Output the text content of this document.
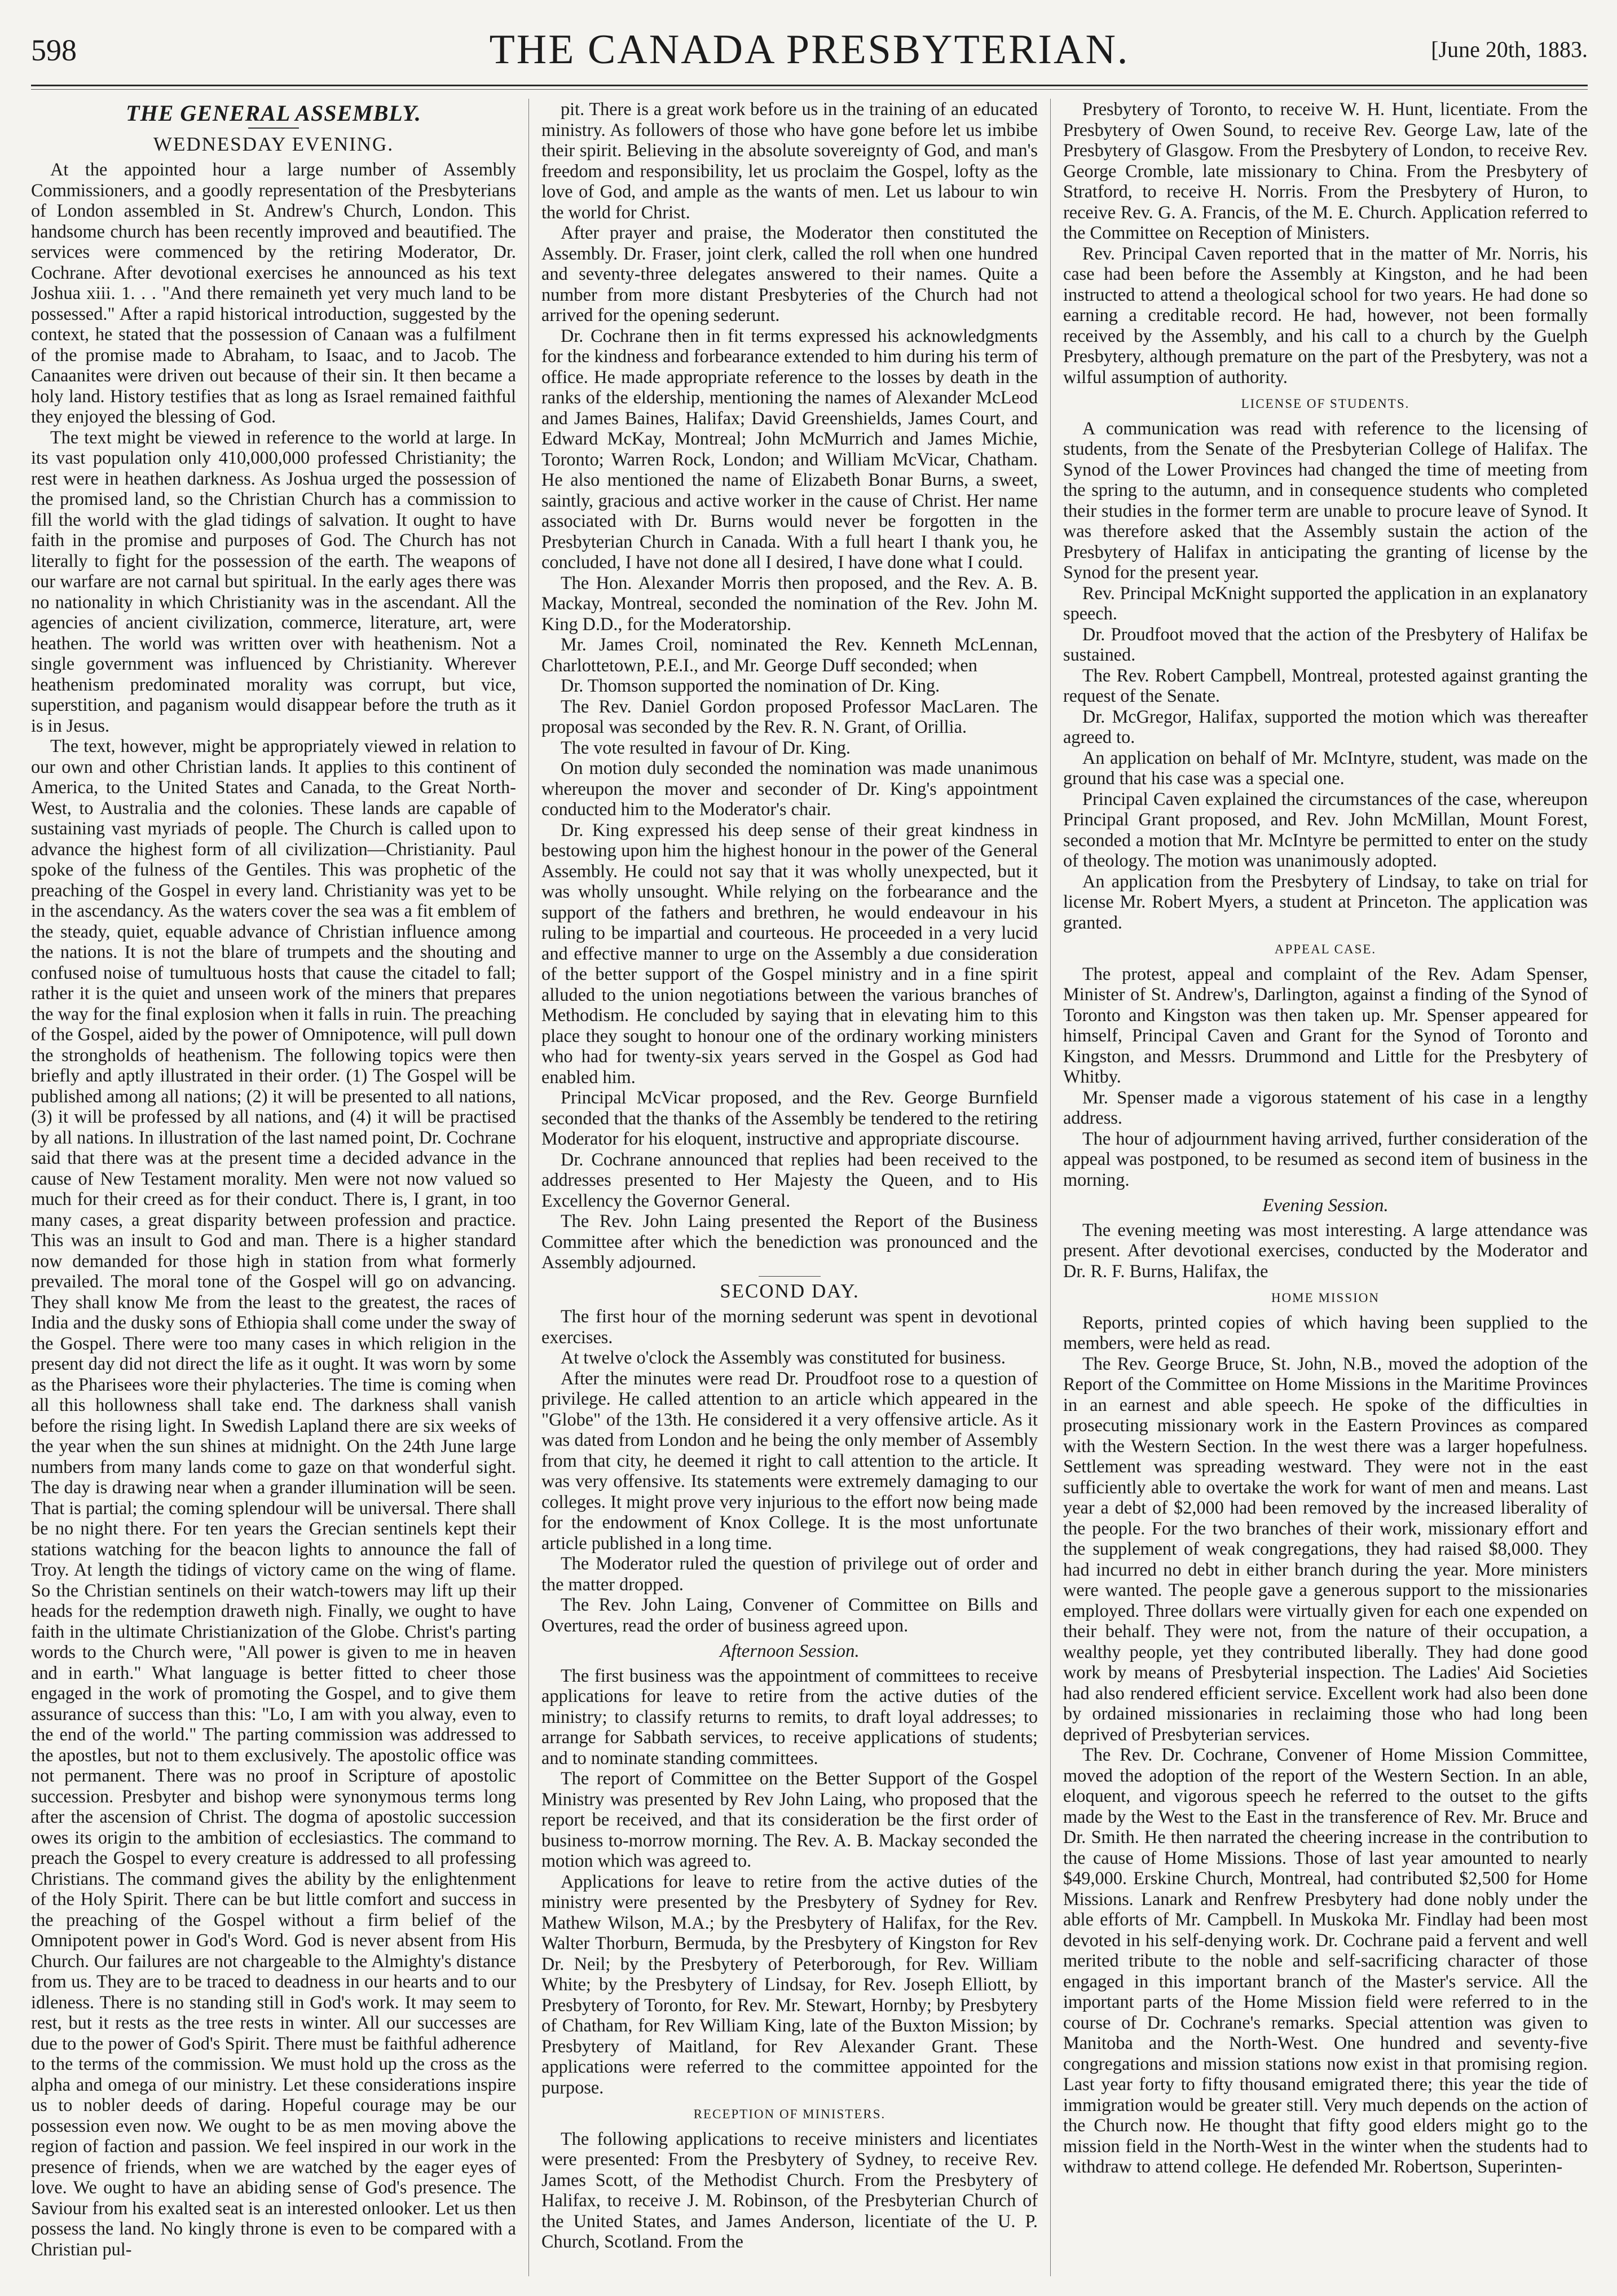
598	THE CANADA PRESBYTERIAN.	[June 20th, 1883.
THE GENERAL ASSEMBLY.
WEDNESDAY EVENING.

At the appointed hour a large number of Assembly Commissioners, and a goodly representation of the Presbyterians of London assembled in St. Andrew's Church, London. This handsome church has been recently improved and beautified. The services were commenced by the retiring Moderator, Dr. Cochrane. After devotional exercises he announced as his text Joshua xiii. 1. . . "And there remaineth yet very much land to be possessed." After a rapid historical introduction, suggested by the context, he stated that the possession of Canaan was a fulfilment of the promise made to Abraham, to Isaac, and to Jacob. The Canaanites were driven out because of their sin. It then became a holy land. History testifies that as long as Israel remained faithful they enjoyed the blessing of God.

The text might be viewed in reference to the world at large. In its vast population only 410,000,000 professed Christianity; the rest were in heathen darkness. As Joshua urged the possession of the promised land, so the Christian Church has a commission to fill the world with the glad tidings of salvation. It ought to have faith in the promise and purposes of God. The Church has not literally to fight for the possession of the earth. The weapons of our warfare are not carnal but spiritual. In the early ages there was no nationality in which Christianity was in the ascendant. All the agencies of ancient civilization, commerce, literature, art, were heathen. The world was written over with heathenism. Not a single government was influenced by Christianity. Wherever heathenism predominated morality was corrupt, but vice, superstition, and paganism would disappear before the truth as it is in Jesus.

The text, however, might be appropriately viewed in relation to our own and other Christian lands. It applies to this continent of America, to the United States and Canada, to the Great North-West, to Australia and the colonies. These lands are capable of sustaining vast myriads of people. The Church is called upon to advance the highest form of all civilization—Christianity. Paul spoke of the fulness of the Gentiles. This was prophetic of the preaching of the Gospel in every land. Christianity was yet to be in the ascendancy. As the waters cover the sea was a fit emblem of the steady, quiet, equable advance of Christian influence among the nations. It is not the blare of trumpets and the shouting and confused noise of tumultuous hosts that cause the citadel to fall; rather it is the quiet and unseen work of the miners that prepares the way for the final explosion when it falls in ruin. The preaching of the Gospel, aided by the power of Omnipotence, will pull down the strongholds of heathenism. The following topics were then briefly and aptly illustrated in their order. (1) The Gospel will be published among all nations; (2) it will be presented to all nations, (3) it will be professed by all nations, and (4) it will be practised by all nations. In illustration of the last named point, Dr. Cochrane said that there was at the present time a decided advance in the cause of New Testament morality. Men were not now valued so much for their creed as for their conduct. There is, I grant, in too many cases, a great disparity between profession and practice. This was an insult to God and man. There is a higher standard now demanded for those high in station from what formerly prevailed. The moral tone of the Gospel will go on advancing. They shall know Me from the least to the greatest, the races of India and the dusky sons of Ethiopia shall come under the sway of the Gospel. There were too many cases in which religion in the present day did not direct the life as it ought. It was worn by some as the Pharisees wore their phylacteries. The time is coming when all this hollowness shall take end. The darkness shall vanish before the rising light. In Swedish Lapland there are six weeks of the year when the sun shines at midnight. On the 24th June large numbers from many lands come to gaze on that wonderful sight. The day is drawing near when a grander illumination will be seen. That is partial; the coming splendour will be universal. There shall be no night there. For ten years the Grecian sentinels kept their stations watching for the beacon lights to announce the fall of Troy. At length the tidings of victory came on the wing of flame. So the Christian sentinels on their watch-towers may lift up their heads for the redemption draweth nigh. Finally, we ought to have faith in the ultimate Christianization of the Globe. Christ's parting words to the Church were, "All power is given to me in heaven and in earth." What language is better fitted to cheer those engaged in the work of promoting the Gospel, and to give them assurance of success than this: "Lo, I am with you alway, even to the end of the world." The parting commission was addressed to the apostles, but not to them exclusively. The apostolic office was not permanent. There was no proof in Scripture of apostolic succession. Presbyter and bishop were synonymous terms long after the ascension of Christ. The dogma of apostolic succession owes its origin to the ambition of ecclesiastics. The command to preach the Gospel to every creature is addressed to all professing Christians. The command gives the ability by the enlightenment of the Holy Spirit. There can be but little comfort and success in the preaching of the Gospel without a firm belief of the Omnipotent power in God's Word. God is never absent from His Church. Our failures are not chargeable to the Almighty's distance from us. They are to be traced to deadness in our hearts and to our idleness. There is no standing still in God's work. It may seem to rest, but it rests as the tree rests in winter. All our successes are due to the power of God's Spirit. There must be faithful adherence to the terms of the commission. We must hold up the cross as the alpha and omega of our ministry. Let these considerations inspire us to nobler deeds of daring. Hopeful courage may be our possession even now. We ought to be as men moving above the region of faction and passion. We feel inspired in our work in the presence of friends, when we are watched by the eager eyes of love. We ought to have an abiding sense of God's presence. The Saviour from his exalted seat is an interested onlooker. Let us then possess the land. No kingly throne is even to be compared with a Christian pul-

pit. There is a great work before us in the training of an educated ministry. As followers of those who have gone before let us imbibe their spirit. Believing in the absolute sovereignty of God, and man's freedom and responsibility, let us proclaim the Gospel, lofty as the love of God, and ample as the wants of men. Let us labour to win the world for Christ.

After prayer and praise, the Moderator then constituted the Assembly. Dr. Fraser, joint clerk, called the roll when one hundred and seventy-three delegates answered to their names. Quite a number from more distant Presbyteries of the Church had not arrived for the opening sederunt.

Dr. Cochrane then in fit terms expressed his acknowledgments for the kindness and forbearance extended to him during his term of office. He made appropriate reference to the losses by death in the ranks of the eldership, mentioning the names of Alexander McLeod and James Baines, Halifax; David Greenshields, James Court, and Edward McKay, Montreal; John McMurrich and James Michie, Toronto; Warren Rock, London; and William McVicar, Chatham. He also mentioned the name of Elizabeth Bonar Burns, a sweet, saintly, gracious and active worker in the cause of Christ. Her name associated with Dr. Burns would never be forgotten in the Presbyterian Church in Canada. With a full heart I thank you, he concluded, I have not done all I desired, I have done what I could.

The Hon. Alexander Morris then proposed, and the Rev. A. B. Mackay, Montreal, seconded the nomination of the Rev. John M. King D.D., for the Moderatorship.

Mr. James Croil, nominated the Rev. Kenneth McLennan, Charlottetown, P.E.I., and Mr. George Duff seconded; when

Dr. Thomson supported the nomination of Dr. King.

The Rev. Daniel Gordon proposed Professor MacLaren. The proposal was seconded by the Rev. R. N. Grant, of Orillia.

The vote resulted in favour of Dr. King.

On motion duly seconded the nomination was made unanimous whereupon the mover and seconder of Dr. King's appointment conducted him to the Moderator's chair.

Dr. King expressed his deep sense of their great kindness in bestowing upon him the highest honour in the power of the General Assembly. He could not say that it was wholly unexpected, but it was wholly unsought. While relying on the forbearance and the support of the fathers and brethren, he would endeavour in his ruling to be impartial and courteous. He proceeded in a very lucid and effective manner to urge on the Assembly a due consideration of the better support of the Gospel ministry and in a fine spirit alluded to the union negotiations between the various branches of Methodism. He concluded by saying that in elevating him to this place they sought to honour one of the ordinary working ministers who had for twenty-six years served in the Gospel as God had enabled him.

Principal McVicar proposed, and the Rev. George Burnfield seconded that the thanks of the Assembly be tendered to the retiring Moderator for his eloquent, instructive and appropriate discourse.

Dr. Cochrane announced that replies had been received to the addresses presented to Her Majesty the Queen, and to His Excellency the Governor General.

The Rev. John Laing presented the Report of the Business Committee after which the benediction was pronounced and the Assembly adjourned.

SECOND DAY.

The first hour of the morning sederunt was spent in devotional exercises.

At twelve o'clock the Assembly was constituted for business.

After the minutes were read Dr. Proudfoot rose to a question of privilege. He called attention to an article which appeared in the "Globe" of the 13th. He considered it a very offensive article. As it was dated from London and he being the only member of Assembly from that city, he deemed it right to call attention to the article. It was very offensive. Its statements were extremely damaging to our colleges. It might prove very injurious to the effort now being made for the endowment of Knox College. It is the most unfortunate article published in a long time.

The Moderator ruled the question of privilege out of order and the matter dropped.

The Rev. John Laing, Convener of Committee on Bills and Overtures, read the order of business agreed upon.

Afternoon Session.

The first business was the appointment of committees to receive applications for leave to retire from the active duties of the ministry; to classify returns to remits, to draft loyal addresses; to arrange for Sabbath services, to receive applications of students; and to nominate standing committees.

The report of Committee on the Better Support of the Gospel Ministry was presented by Rev John Laing, who proposed that the report be received, and that its consideration be the first order of business to-morrow morning. The Rev. A. B. Mackay seconded the motion which was agreed to.

Applications for leave to retire from the active duties of the ministry were presented by the Presbytery of Sydney for Rev. Mathew Wilson, M.A.; by the Presbytery of Halifax, for the Rev. Walter Thorburn, Bermuda, by the Presbytery of Kingston for Rev Dr. Neil; by the Presbytery of Peterborough, for Rev. William White; by the Presbytery of Lindsay, for Rev. Joseph Elliott, by Presbytery of Toronto, for Rev. Mr. Stewart, Hornby; by Presbytery of Chatham, for Rev William King, late of the Buxton Mission; by Presbytery of Maitland, for Rev Alexander Grant. These applications were referred to the committee appointed for the purpose.

RECEPTION OF MINISTERS.

The following applications to receive ministers and licentiates were presented: From the Presbytery of Sydney, to receive Rev. James Scott, of the Methodist Church. From the Presbytery of Halifax, to receive J. M. Robinson, of the Presbyterian Church of the United States, and James Anderson, licentiate of the U. P. Church, Scotland. From the

Presbytery of Toronto, to receive W. H. Hunt, licentiate. From the Presbytery of Owen Sound, to receive Rev. George Law, late of the Presbytery of Glasgow. From the Presbytery of London, to receive Rev. George Cromble, late missionary to China. From the Presbytery of Stratford, to receive H. Norris. From the Presbytery of Huron, to receive Rev. G. A. Francis, of the M. E. Church. Application referred to the Committee on Reception of Ministers.

Rev. Principal Caven reported that in the matter of Mr. Norris, his case had been before the Assembly at Kingston, and he had been instructed to attend a theological school for two years. He had done so earning a creditable record. He had, however, not been formally received by the Assembly, and his call to a church by the Guelph Presbytery, although premature on the part of the Presbytery, was not a wilful assumption of authority.

LICENSE OF STUDENTS.

A communication was read with reference to the licensing of students, from the Senate of the Presbyterian College of Halifax. The Synod of the Lower Provinces had changed the time of meeting from the spring to the autumn, and in consequence students who completed their studies in the former term are unable to procure leave of Synod. It was therefore asked that the Assembly sustain the action of the Presbytery of Halifax in anticipating the granting of license by the Synod for the present year.

Rev. Principal McKnight supported the application in an explanatory speech.

Dr. Proudfoot moved that the action of the Presbytery of Halifax be sustained.

The Rev. Robert Campbell, Montreal, protested against granting the request of the Senate.

Dr. McGregor, Halifax, supported the motion which was thereafter agreed to.

An application on behalf of Mr. McIntyre, student, was made on the ground that his case was a special one.

Principal Caven explained the circumstances of the case, whereupon Principal Grant proposed, and Rev. John McMillan, Mount Forest, seconded a motion that Mr. McIntyre be permitted to enter on the study of theology. The motion was unanimously adopted.

An application from the Presbytery of Lindsay, to take on trial for license Mr. Robert Myers, a student at Princeton. The application was granted.

APPEAL CASE.

The protest, appeal and complaint of the Rev. Adam Spenser, Minister of St. Andrew's, Darlington, against a finding of the Synod of Toronto and Kingston was then taken up. Mr. Spenser appeared for himself, Principal Caven and Grant for the Synod of Toronto and Kingston, and Messrs. Drummond and Little for the Presbytery of Whitby.

Mr. Spenser made a vigorous statement of his case in a lengthy address.

The hour of adjournment having arrived, further consideration of the appeal was postponed, to be resumed as second item of business in the morning.

Evening Session.

The evening meeting was most interesting. A large attendance was present. After devotional exercises, conducted by the Moderator and Dr. R. F. Burns, Halifax, the

HOME MISSION

Reports, printed copies of which having been supplied to the members, were held as read.

The Rev. George Bruce, St. John, N.B., moved the adoption of the Report of the Committee on Home Missions in the Maritime Provinces in an earnest and able speech. He spoke of the difficulties in prosecuting missionary work in the Eastern Provinces as compared with the Western Section. In the west there was a larger hopefulness. Settlement was spreading westward. They were not in the east sufficiently able to overtake the work for want of men and means. Last year a debt of $2,000 had been removed by the increased liberality of the people. For the two branches of their work, missionary effort and the supplement of weak congregations, they had raised $8,000. They had incurred no debt in either branch during the year. More ministers were wanted. The people gave a generous support to the missionaries employed. Three dollars were virtually given for each one expended on their behalf. They were not, from the nature of their occupation, a wealthy people, yet they contributed liberally. They had done good work by means of Presbyterial inspection. The Ladies' Aid Societies had also rendered efficient service. Excellent work had also been done by ordained missionaries in reclaiming those who had long been deprived of Presbyterian services.

The Rev. Dr. Cochrane, Convener of Home Mission Committee, moved the adoption of the report of the Western Section. In an able, eloquent, and vigorous speech he referred to the outset to the gifts made by the West to the East in the transference of Rev. Mr. Bruce and Dr. Smith. He then narrated the cheering increase in the contribution to the cause of Home Missions. Those of last year amounted to nearly $49,000. Erskine Church, Montreal, had contributed $2,500 for Home Missions. Lanark and Renfrew Presbytery had done nobly under the able efforts of Mr. Campbell. In Muskoka Mr. Findlay had been most devoted in his self-denying work. Dr. Cochrane paid a fervent and well merited tribute to the noble and self-sacrificing character of those engaged in this important branch of the Master's service. All the important parts of the Home Mission field were referred to in the course of Dr. Cochrane's remarks. Special attention was given to Manitoba and the North-West. One hundred and seventy-five congregations and mission stations now exist in that promising region. Last year forty to fifty thousand emigrated there; this year the tide of immigration would be greater still. Very much depends on the action of the Church now. He thought that fifty good elders might go to the mission field in the North-West in the winter when the students had to withdraw to attend college. He defended Mr. Robertson, Superinten-
